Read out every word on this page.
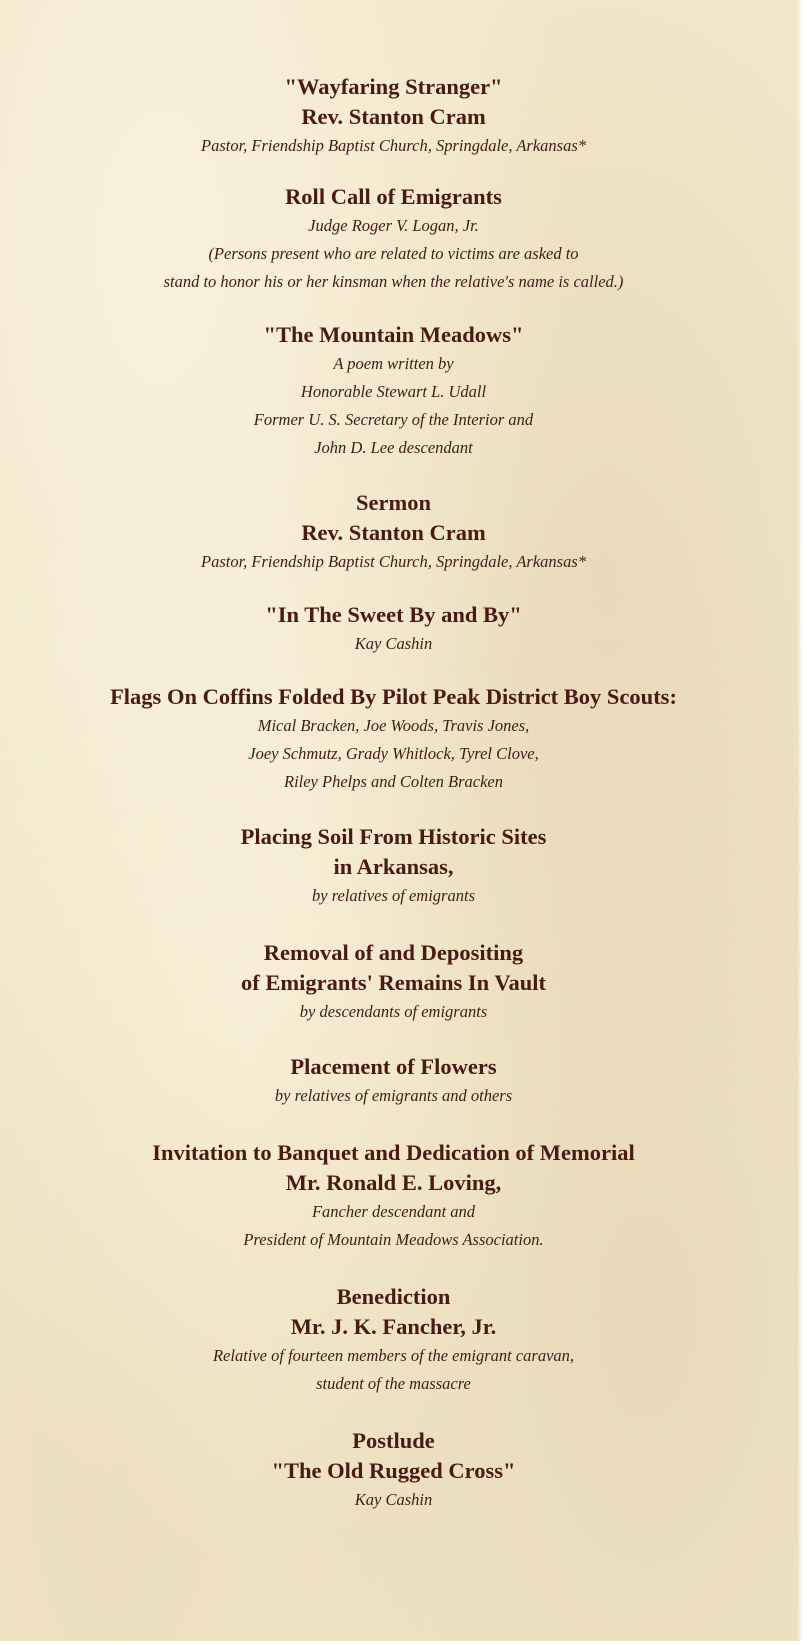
"Wayfaring Stranger"
Rev. Stanton Cram
Pastor, Friendship Baptist Church, Springdale, Arkansas*
Roll Call of Emigrants
Judge Roger V. Logan, Jr.
(Persons present who are related to victims are asked to
stand to honor his or her kinsman when the relative's name is called.)
"The Mountain Meadows"
A poem written by
Honorable Stewart L. Udall
Former U. S. Secretary of the Interior and
John D. Lee descendant
Sermon
Rev. Stanton Cram
Pastor, Friendship Baptist Church, Springdale, Arkansas*
"In The Sweet By and By"
Kay Cashin
Flags On Coffins Folded By Pilot Peak District Boy Scouts:
Mical Bracken, Joe Woods, Travis Jones,
Joey Schmutz, Grady Whitlock, Tyrel Clove,
Riley Phelps and Colten Bracken
Placing Soil From Historic Sites
in Arkansas,
by relatives of emigrants
Removal of and Depositing
of Emigrants' Remains In Vault
by descendants of emigrants
Placement of Flowers
by relatives of emigrants and others
Invitation to Banquet and Dedication of Memorial
Mr. Ronald E. Loving,
Fancher descendant and
President of Mountain Meadows Association.
Benediction
Mr. J. K. Fancher, Jr.
Relative of fourteen members of the emigrant caravan,
student of the massacre
Postlude
"The Old Rugged Cross"
Kay Cashin
